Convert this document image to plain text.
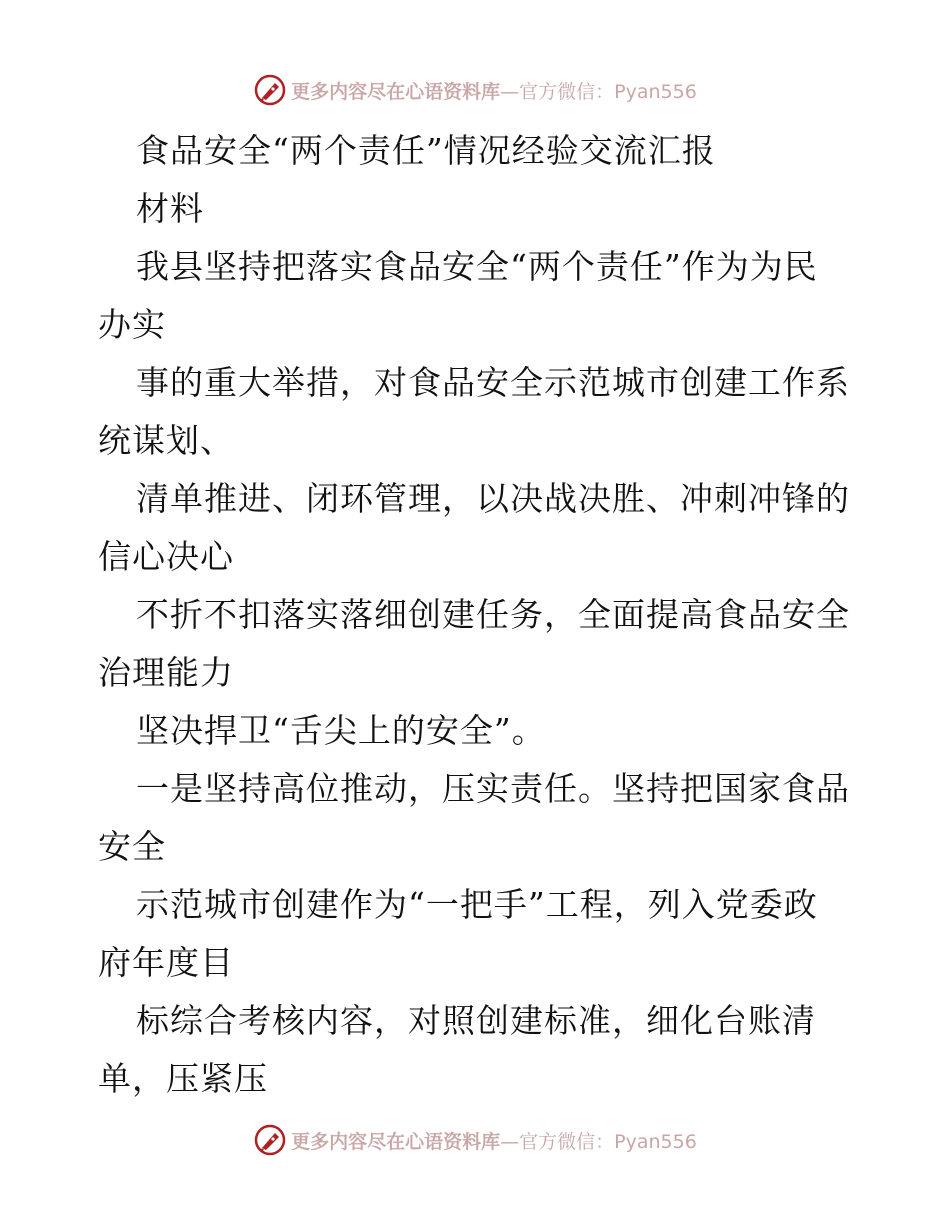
更多内容尽在心语资料库 —官方微信：Pyan556
食品安全“两个责任”情况经验交流汇报
材料
我县坚持把落实食品安全“两个责任”作为为民
办实
事的重大举措，对食品安全示范城市创建工作系
统谋划、
清单推进、闭环管理，以决战决胜、冲刺冲锋的
信心决心
不折不扣落实落细创建任务，全面提高食品安全
治理能力
坚决捍卫“舌尖上的安全”。
一是坚持高位推动，压实责任。坚持把国家食品
安全
示范城市创建作为“一把手”工程，列入党委政
府年度目
标综合考核内容，对照创建标准，细化台账清
单，压紧压
更多内容尽在心语资料库 —官方微信：Pyan556
